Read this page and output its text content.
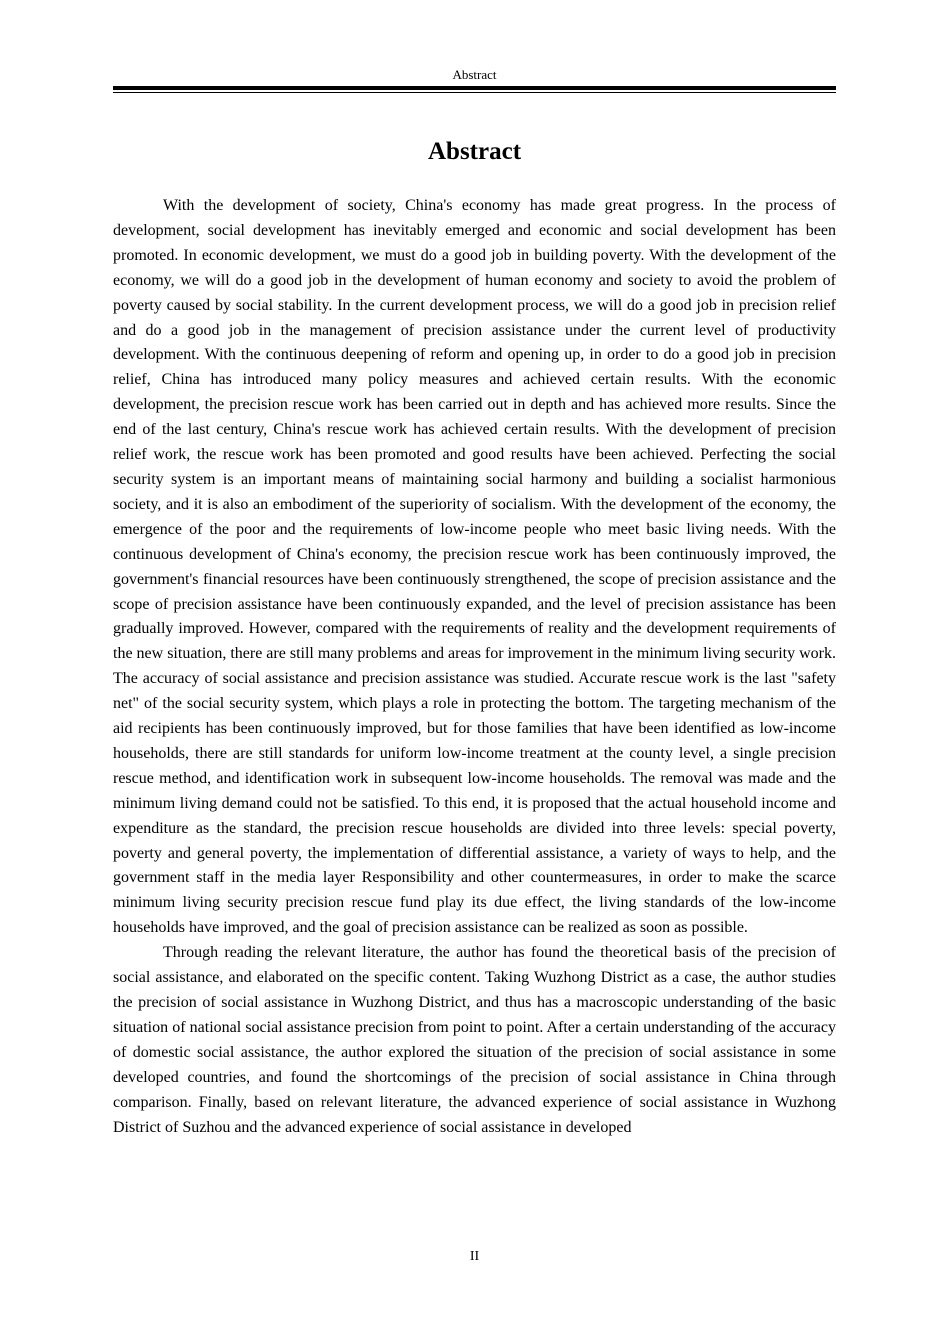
Abstract
Abstract

With the development of society, China's economy has made great progress. In the process of development, social development has inevitably emerged and economic and social development has been promoted. In economic development, we must do a good job in building poverty. With the development of the economy, we will do a good job in the development of human economy and society to avoid the problem of poverty caused by social stability. In the current development process, we will do a good job in precision relief and do a good job in the management of precision assistance under the current level of productivity development. With the continuous deepening of reform and opening up, in order to do a good job in precision relief, China has introduced many policy measures and achieved certain results. With the economic development, the precision rescue work has been carried out in depth and has achieved more results. Since the end of the last century, China's rescue work has achieved certain results. With the development of precision relief work, the rescue work has been promoted and good results have been achieved. Perfecting the social security system is an important means of maintaining social harmony and building a socialist harmonious society, and it is also an embodiment of the superiority of socialism. With the development of the economy, the emergence of the poor and the requirements of low-income people who meet basic living needs. With the continuous development of China's economy, the precision rescue work has been continuously improved, the government's financial resources have been continuously strengthened, the scope of precision assistance and the scope of precision assistance have been continuously expanded, and the level of precision assistance has been gradually improved. However, compared with the requirements of reality and the development requirements of the new situation, there are still many problems and areas for improvement in the minimum living security work. The accuracy of social assistance and precision assistance was studied. Accurate rescue work is the last "safety net" of the social security system, which plays a role in protecting the bottom. The targeting mechanism of the aid recipients has been continuously improved, but for those families that have been identified as low-income households, there are still standards for uniform low-income treatment at the county level, a single precision rescue method, and identification work in subsequent low-income households. The removal was made and the minimum living demand could not be satisfied. To this end, it is proposed that the actual household income and expenditure as the standard, the precision rescue households are divided into three levels: special poverty, poverty and general poverty, the implementation of differential assistance, a variety of ways to help, and the government staff in the media layer Responsibility and other countermeasures, in order to make the scarce minimum living security precision rescue fund play its due effect, the living standards of the low-income households have improved, and the goal of precision assistance can be realized as soon as possible.

Through reading the relevant literature, the author has found the theoretical basis of the precision of social assistance, and elaborated on the specific content. Taking Wuzhong District as a case, the author studies the precision of social assistance in Wuzhong District, and thus has a macroscopic understanding of the basic situation of national social assistance precision from point to point. After a certain understanding of the accuracy of domestic social assistance, the author explored the situation of the precision of social assistance in some developed countries, and found the shortcomings of the precision of social assistance in China through comparison. Finally, based on relevant literature, the advanced experience of social assistance in Wuzhong District of Suzhou and the advanced experience of social assistance in developed

II
